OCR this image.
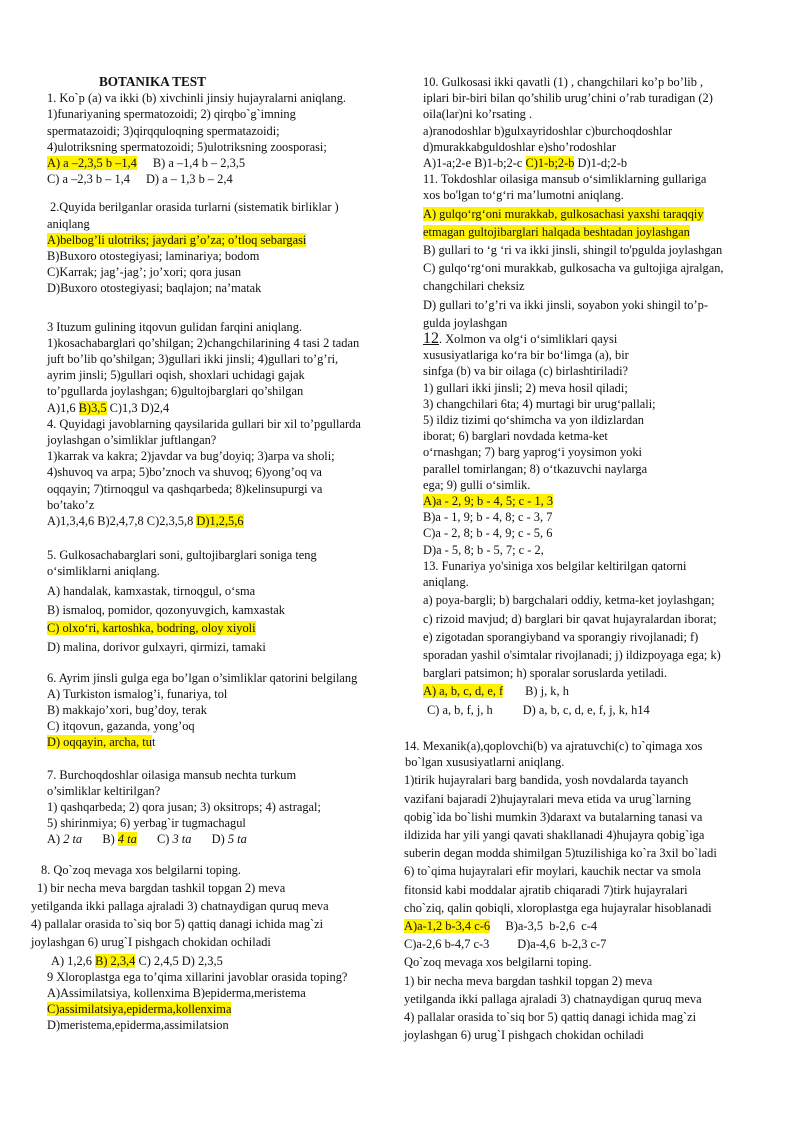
BOTANIKA TEST
1. Ko`p (a) va ikki (b) xivchinli jinsiy hujayralarni aniqlang.
1)funariyaning spermatozoidi; 2) qirqbo`g`imning
spermatazoidi; 3)qirqquloqning spermatazoidi;
4)ulotriksning spermatozoidi; 5)ulotriksning zoosporasi;
A) a –2,3,5 b –1,4 B) a –1,4 b – 2,3,5
C) a –2,3 b – 1,4 D) a – 1,3 b – 2,4
2.Quyida berilganlar orasida turlarni (sistematik birliklar )
aniqlang
A)belbog’li ulotriks; jaydari g’o’za; o’tloq sebargasi
B)Buxoro otostegiyasi; laminariya; bodom
C)Karrak; jag’-jag’; jo’xori; qora jusan
D)Buxoro otostegiyasi; baqlajon; na’matak
3 Ituzum gulining itqovun gulidan farqini aniqlang.
1)kosachabarglari qo’shilgan; 2)changchilarining 4 tasi 2 tadan
juft bo’lib qo’shilgan; 3)gullari ikki jinsli; 4)gullari to’g’ri,
ayrim jinsli; 5)gullari oqish, shoxlari uchidagi gajak
to’pgullarda joylashgan; 6)gultojbarglari qo’shilgan
A)1,6 B)3,5 C)1,3 D)2,4
4. Quyidagi javoblarning qaysilarida gullari bir xil to’pgullarda
joylashgan o’simliklar juftlangan?
1)karrak va kakra; 2)javdar va bug’doyiq; 3)arpa va sholi;
4)shuvoq va arpa; 5)bo’znoch va shuvoq; 6)yong’oq va
oqqayin; 7)tirnoqgul va qashqarbeda; 8)kelinsupurgi va
bo’tako’z
A)1,3,4,6 B)2,4,7,8 C)2,3,5,8 D)1,2,5,6
5. Gulkosachabarglari soni, gultojibarglari soniga teng
o‘simliklarni aniqlang.
A) handalak, kamxastak, tirnoqgul, o‘sma
B) ismaloq, pomidor, qozonyuvgich, kamxastak
C) olxo‘ri, kartoshka, bodring, oloy xiyoli
D) malina, dorivor gulxayri, qirmizi, tamaki
6. Ayrim jinsli gulga ega bo’lgan o’simliklar qatorini belgilang
A) Turkiston ismalog’i, funariya, tol
B) makkajo’xori, bug’doy, terak
C) itqovun, gazanda, yong’oq
D) oqqayin, archa, tut
7. Burchoqdoshlar oilasiga mansub nechta turkum
o’simliklar keltirilgan?
1) qashqarbeda; 2) qora jusan; 3) oksitrops; 4) astragal;
5) shirinmiya; 6) yerbag`ir tugmachagul
A) 2 ta B) 4 ta C) 3 ta D) 5 ta
8. Qo`zoq mevaga xos belgilarni toping.
1) bir necha meva bargdan tashkil topgan 2) meva
yetilganda ikki pallaga ajraladi 3) chatnaydigan quruq meva
4) pallalar orasida to`siq bor 5) qattiq danagi ichida mag`zi
joylashgan 6) urug`I pishgach chokidan ochiladi
A) 1,2,6 B) 2,3,4 C) 2,4,5 D) 2,3,5
9 Xloroplastga ega to’qima xillarini javoblar orasida toping?
A)Assimilatsiya, kollenxima B)epiderma,meristema
C)assimilatsiya,epiderma,kollenxima
D)meristema,epiderma,assimilatsion
10. Gulkosasi ikki qavatli (1) , changchilari ko’p bo’lib ,
iplari bir-biri bilan qo’shilib urug’chini o’rab turadigan (2)
oila(lar)ni ko’rsating .
a)ranodoshlar b)gulxayridoshlar c)burchoqdoshlar
d)murakkabguldoshlar e)sho’rodoshlar
A)1-a;2-e B)1-b;2-c C)1-b;2-b D)1-d;2-b
11. Tokdoshlar oilasiga mansub o‘simliklarning gullariga
xos bo'lgan to‘g‘ri ma’lumotni aniqlang.
A) gulqo‘rg‘oni murakkab, gulkosachasi yaxshi taraqqiy
etmagan gultojibarglari halqada beshtadan joylashgan
B) gullari to ‘g ‘ri va ikki jinsli, shingil to'pgulda joylashgan
C) gulqo‘rg‘oni murakkab, gulkosacha va gultojiga ajralgan,
changchilari cheksiz
D) gullari to’g’ri va ikki jinsli, soyabon yoki shingil to’p-
gulda joylashgan
12. Xolmon va olg‘i o‘simliklari qaysi
xususiyatlariga ko‘ra bir bo‘limga (a), bir
sinfga (b) va bir oilaga (c) birlashtiriladi?
1) gullari ikki jinsli; 2) meva hosil qiladi;
3) changchilari 6ta; 4) murtagi bir urug‘pallali;
5) ildiz tizimi qo‘shimcha va yon ildizlardan
iborat; 6) barglari novdada ketma-ket
o‘rnashgan; 7) barg yaprog‘i yoysimon yoki
parallel tomirlangan; 8) o‘tkazuvchi naylarga
ega; 9) gulli o‘simlik.
A)a - 2, 9; b - 4, 5; c - 1, 3
B)a - 1, 9; b - 4, 8; c - 3, 7
C)a - 2, 8; b - 4, 9; c - 5, 6
D)a - 5, 8; b - 5, 7; c - 2,
13. Funariya yo'siniga xos belgilar keltirilgan qatorni
aniqlang.
a) poya-bargli; b) bargchalari oddiy, ketma-ket joylashgan;
c) rizoid mavjud; d) barglari bir qavat hujayralardan iborat;
e) zigotadan sporangiyband va sporangiy rivojlanadi; f)
sporadan yashil o'simtalar rivojlanadi; j) ildizpoyaga ega; k)
barglari patsimon; h) sporalar soruslarda yetiladi.
A) a, b, c, d, e, f B) j, k, h
C) a, b, f, j, h D) a, b, c, d, e, f, j, k, h14
14. Mexanik(a),qoplovchi(b) va ajratuvchi(c) to`qimaga xos
bo`lgan xususiyatlarni aniqlang.
1)tirik hujayralari barg bandida, yosh novdalarda tayanch
vazifani bajaradi 2)hujayralari meva etida va urug`larning
qobig`ida bo`lishi mumkin 3)daraxt va butalarning tanasi va
ildizida har yili yangi qavati shakllanadi 4)hujayra qobig`iga
suberin degan modda shimilgan 5)tuzilishiga ko`ra 3xil bo`ladi
6) to`qima hujayralari efir moylari, kauchik nectar va smola
fitonsid kabi moddalar ajratib chiqaradi 7)tirk hujayralari
cho`ziq, qalin qobiqli, xloroplastga ega hujayralar hisoblanadi
A)a-1,2 b-3,4 c-6     B)a-3,5  b-2,6  c-4
C)a-2,6 b-4,7 c-3         D)a-4,6  b-2,3 c-7
Qo`zoq mevaga xos belgilarni toping.
1) bir necha meva bargdan tashkil topgan 2) meva
yetilganda ikki pallaga ajraladi 3) chatnaydigan quruq meva
4) pallalar orasida to`siq bor 5) qattiq danagi ichida mag`zi
joylashgan 6) urug`I pishgach chokidan ochiladi
